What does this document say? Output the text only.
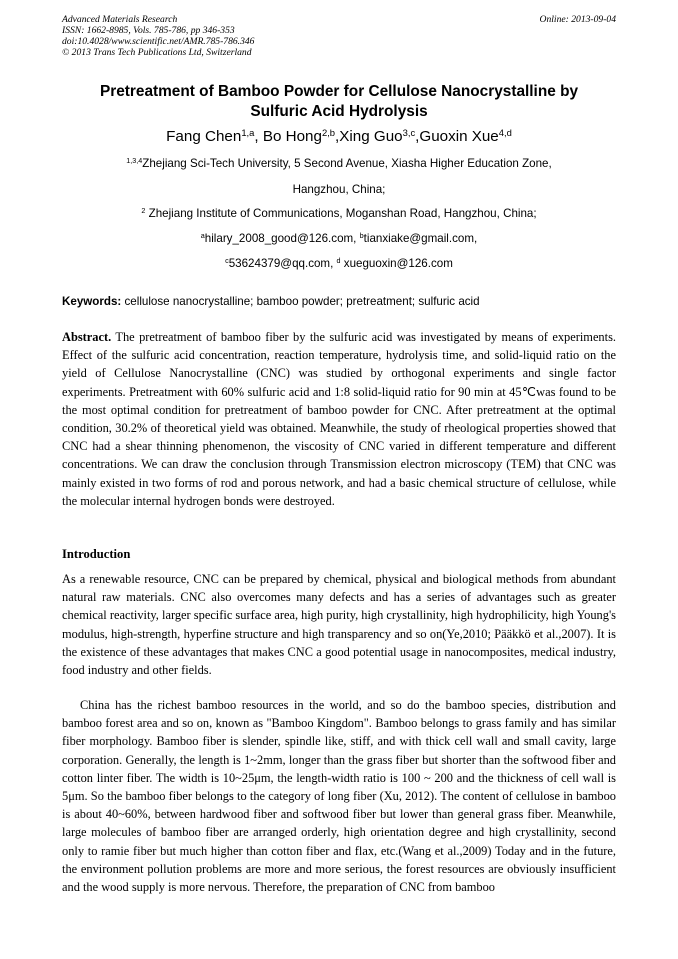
Advanced Materials Research
ISSN: 1662-8985, Vols. 785-786, pp 346-353
doi:10.4028/www.scientific.net/AMR.785-786.346
© 2013 Trans Tech Publications Ltd, Switzerland
Online: 2013-09-04
Pretreatment of Bamboo Powder for Cellulose Nanocrystalline by
Sulfuric Acid Hydrolysis
Fang Chen$^{1,a}$, Bo Hong$^{2,b}$,Xing Guo$^{3,c}$,Guoxin Xue$^{4,d}$
$^{1,3,4}$Zhejiang Sci-Tech University, 5 Second Avenue, Xiasha Higher Education Zone,
Hangzhou, China;
$^2$ Zhejiang Institute of Communications, Moganshan Road, Hangzhou, China;
$^a$hilary_2008_good@126.com, $^b$tianxiake@gmail.com,
$^c$53624379@qq.com, $^d$ xueguoxin@126.com
Keywords: cellulose nanocrystalline; bamboo powder; pretreatment; sulfuric acid
Abstract. The pretreatment of bamboo fiber by the sulfuric acid was investigated by means of experiments. Effect of the sulfuric acid concentration, reaction temperature, hydrolysis time, and solid-liquid ratio on the yield of Cellulose Nanocrystalline (CNC) was studied by orthogonal experiments and single factor experiments. Pretreatment with 60% sulfuric acid and 1:8 solid-liquid ratio for 90 min at 45℃was found to be the most optimal condition for pretreatment of bamboo powder for CNC. After pretreatment at the optimal condition, 30.2% of theoretical yield was obtained. Meanwhile, the study of rheological properties showed that CNC had a shear thinning phenomenon, the viscosity of CNC varied in different temperature and different concentrations. We can draw the conclusion through Transmission electron microscopy (TEM) that CNC was mainly existed in two forms of rod and porous network, and had a basic chemical structure of cellulose, while the molecular internal hydrogen bonds were destroyed.
Introduction
As a renewable resource, CNC can be prepared by chemical, physical and biological methods from abundant natural raw materials. CNC also overcomes many defects and has a series of advantages such as greater chemical reactivity, larger specific surface area, high purity, high crystallinity, high hydrophilicity, high Young's modulus, high-strength, hyperfine structure and high transparency and so on(Ye,2010; Pääkkö et al.,2007). It is the existence of these advantages that makes CNC a good potential usage in nanocomposites, medical industry, food industry and other fields.
China has the richest bamboo resources in the world, and so do the bamboo species, distribution and bamboo forest area and so on, known as "Bamboo Kingdom". Bamboo belongs to grass family and has similar fiber morphology. Bamboo fiber is slender, spindle like, stiff, and with thick cell wall and small cavity, large corporation. Generally, the length is 1~2mm, longer than the grass fiber but shorter than the softwood fiber and cotton linter fiber. The width is 10~25μm, the length-width ratio is 100 ~ 200 and the thickness of cell wall is 5μm. So the bamboo fiber belongs to the category of long fiber (Xu, 2012). The content of cellulose in bamboo is about 40~60%, between hardwood fiber and softwood fiber but lower than general grass fiber. Meanwhile, large molecules of bamboo fiber are arranged orderly, high orientation degree and high crystallinity, second only to ramie fiber but much higher than cotton fiber and flax, etc.(Wang et al.,2009) Today and in the future, the environment pollution problems are more and more serious, the forest resources are obviously insufficient and the wood supply is more nervous. Therefore, the preparation of CNC from bamboo
